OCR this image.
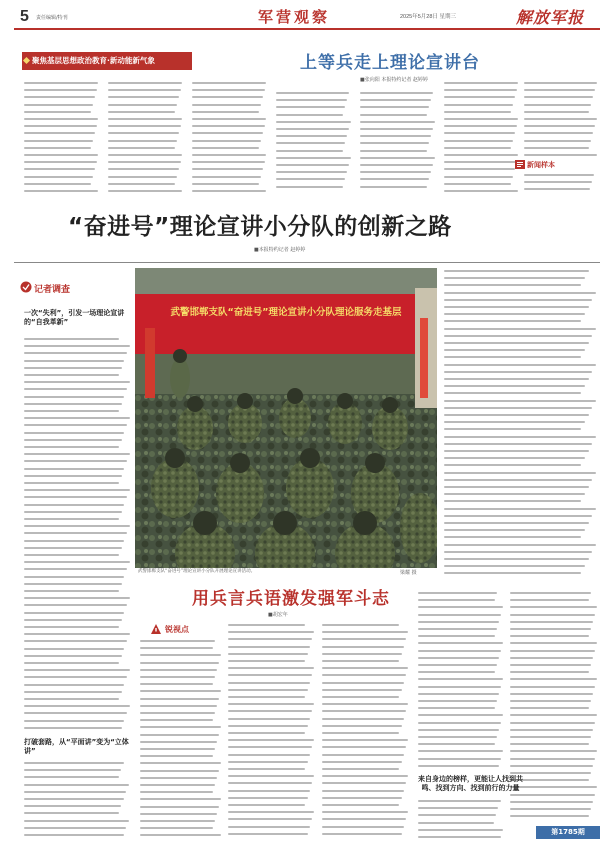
5 责任编辑/特刊	军营观察	2025年5月28日 星期三	解放军报
聚焦基层思想政治教育·新动能新气象	上等兵走上理论宣讲台
■张向阳 本报特约记者 赵婷婷
新闻样本
“奋进号”理论宣讲小分队的创新之路
■本报特约记者 赵婷婷
记者调查
一次“失利”，引发一场理论宣讲的“自我革新”
武警邯郸支队“奋进号”理论宣讲小分队理论服务走基层
武警邯郸支队“奋进号”理论宣讲小分队开展理论宣讲活动。	梁耀 摄
用兵言兵语激发强军斗志
■胡宏年
锐视点
打破套路，从“平面讲”变为“立体讲”
来自身边的榜样，更能让人找到共鸣、找到方向、找到前行的力量
第1785期
